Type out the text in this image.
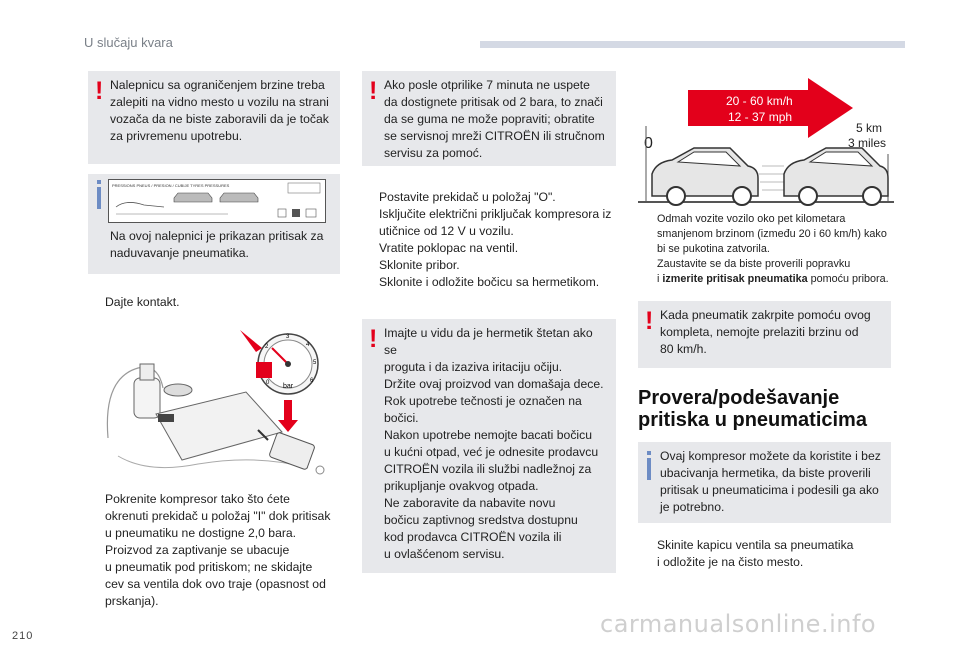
U slučaju kvara
! Nalepnicu sa ograničenjem brzine treba
zalepiti na vidno mesto u vozilu na strani
vozača da ne biste zaboravili da je točak
za privremenu upotrebu.
PRESSIONS PNEUS / PRESION / CUBIJE TYRES PRESSURES
Na ovoj nalepnici je prikazan pritisak za
naduvavanje pneumatika.
Dajte kontakt.
0
2
3
4
5
6
bar
Pokrenite kompresor tako što ćete
okrenuti prekidač u položaj "I" dok pritisak
u pneumatiku ne dostigne 2,0 bara.
Proizvod za zaptivanje se ubacuje
u pneumatik pod pritiskom; ne skidajte
cev sa ventila dok ovo traje (opasnost od
prskanja).
! Ako posle otprilike 7 minuta ne uspete
da dostignete pritisak od 2 bara, to znači
da se guma ne može popraviti; obratite
se servisnoj mreži CITROËN ili stručnom
servisu za pomoć.
Postavite prekidač u položaj "O".
Isključite električni priključak kompresora iz
utičnice od 12 V u vozilu.
Vratite poklopac na ventil.
Sklonite pribor.
Sklonite i odložite bočicu sa hermetikom.
! Imajte u vidu da je hermetik štetan ako se
proguta i da izaziva iritaciju očiju.
Držite ovaj proizvod van domašaja dece.
Rok upotrebe tečnosti je označen na
bočici.
Nakon upotrebe nemojte bacati bočicu
u kućni otpad, već je odnesite prodavcu
CITROËN vozila ili službi nadležnoj za
prikupljanje ovakvog otpada.
Ne zaboravite da nabavite novu
bočicu zaptivnog sredstva dostupnu
kod prodavca CITROËN vozila ili
u ovlašćenom servisu.
20 - 60 km/h
12 - 37 mph
0
5 km
3 miles
Odmah vozite vozilo oko pet kilometara
smanjenom brzinom (između 20 i 60 km/h) kako
bi se pukotina zatvorila.
Zaustavite se da biste proverili popravku
i izmerite pritisak pneumatika pomoću pribora.
! Kada pneumatik zakrpite pomoću ovog
kompleta, nemojte prelaziti brzinu od
80 km/h.
Provera/podešavanje
pritiska u pneumaticima
Ovaj kompresor možete da koristite i bez
ubacivanja hermetika, da biste proverili
pritisak u pneumaticima i podesili ga ako
je potrebno.
Skinite kapicu ventila sa pneumatika
i odložite je na čisto mesto.
210	carmanualsonline.info
